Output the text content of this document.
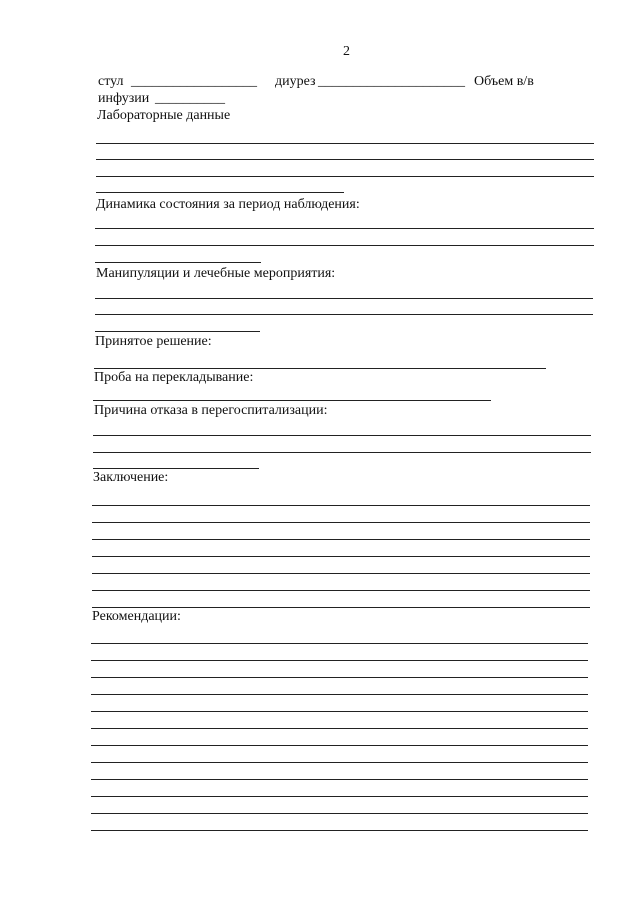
2
стул __________________ диурез _____________________ Объем в/в
инфузии __________
Лабораторные данные
Динамика состояния за период наблюдения:
Манипуляции и лечебные мероприятия:
Принятое решение:
Проба на перекладывание:
Причина отказа в перегоспитализации:
Заключение:
Рекомендации:
